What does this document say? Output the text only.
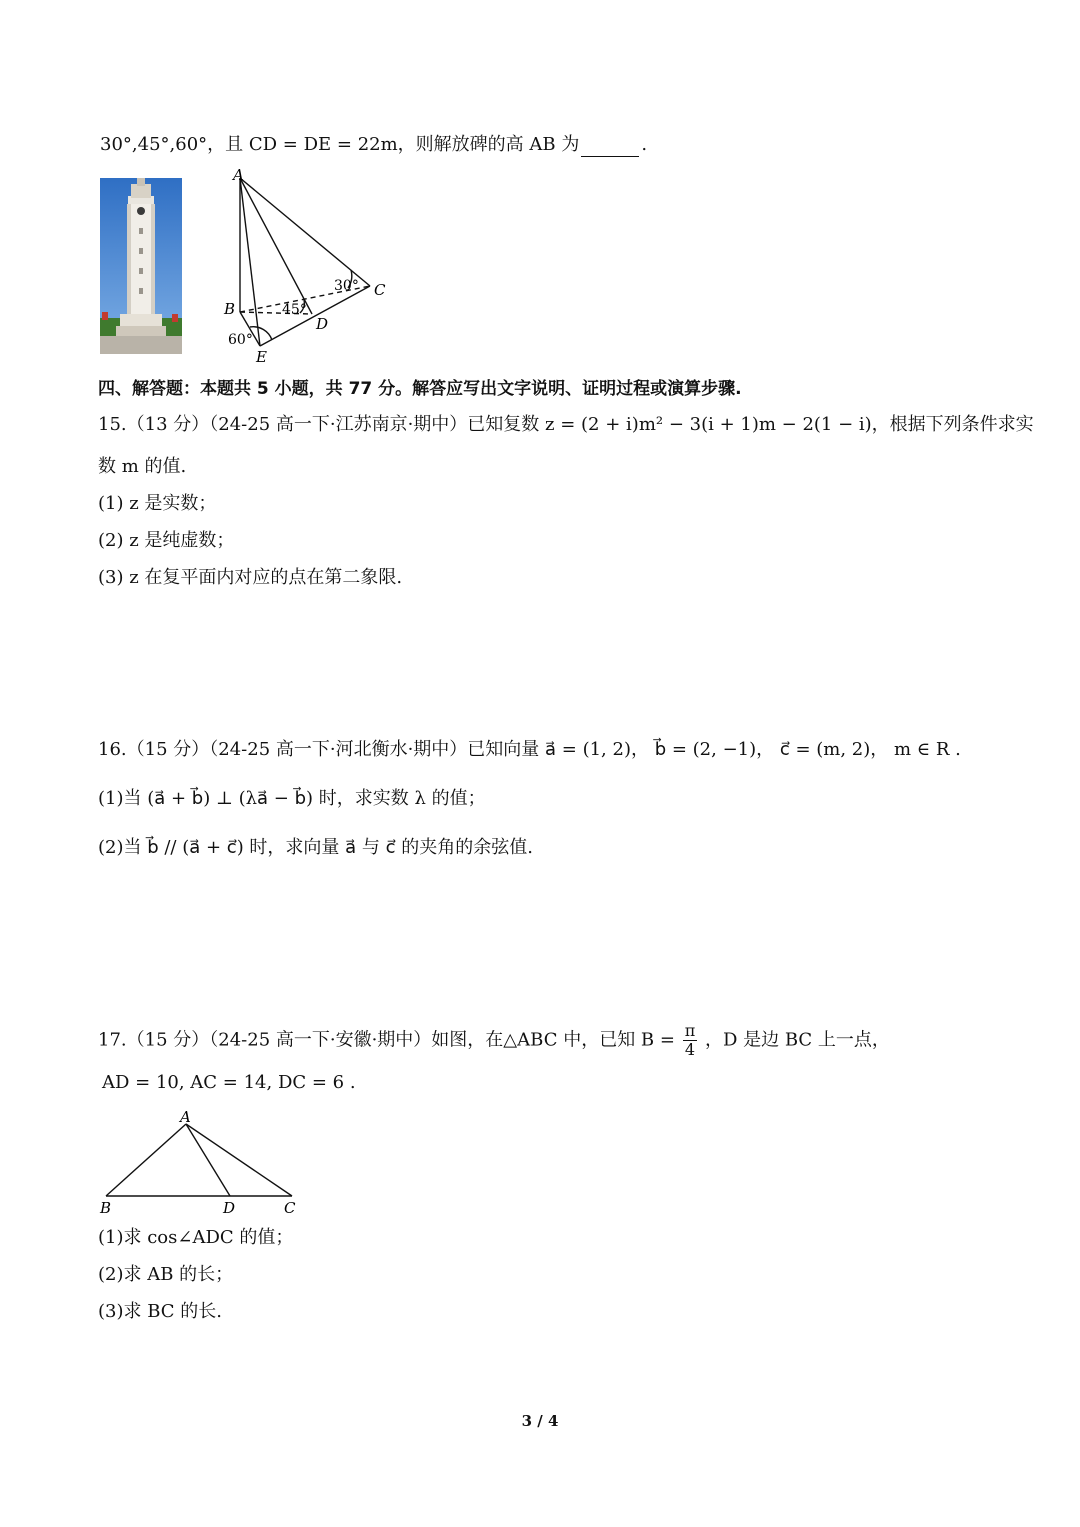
30°,45°,60°，且 CD = DE = 22m，则解放碑的高 AB 为	.
A
B
C
D
E
30°
45°
60°
四、解答题：本题共 5 小题，共 77 分。解答应写出文字说明、证明过程或演算步骤.
15.（13 分）（24-25 高一下·江苏南京·期中）已知复数 z = (2 + i)m² − 3(i + 1)m − 2(1 − i)，根据下列条件求实
数 m 的值.
(1) z 是实数；
(2) z 是纯虚数；
(3) z 在复平面内对应的点在第二象限.
16.（15 分）（24-25 高一下·河北衡水·期中）已知向量 a⃗ = (1, 2)， b⃗ = (2, −1)， c⃗ = (m, 2)， m ∈ R .
(1)当 (a⃗ + b⃗) ⊥ (λa⃗ − b⃗) 时，求实数 λ 的值；
(2)当 b⃗ // (a⃗ + c⃗) 时，求向量 a⃗ 与 c⃗ 的夹角的余弦值.
17.（15 分）（24-25 高一下·安徽·期中）如图，在△ABC 中，已知 $B = \frac{\pi}{4}$ ，D 是边 BC 上一点，
AD = 10, AC = 14, DC = 6 .
A
B	D	C
(1)求 cos∠ADC 的值；
(2)求 AB 的长；
(3)求 BC 的长.
3 / 4
